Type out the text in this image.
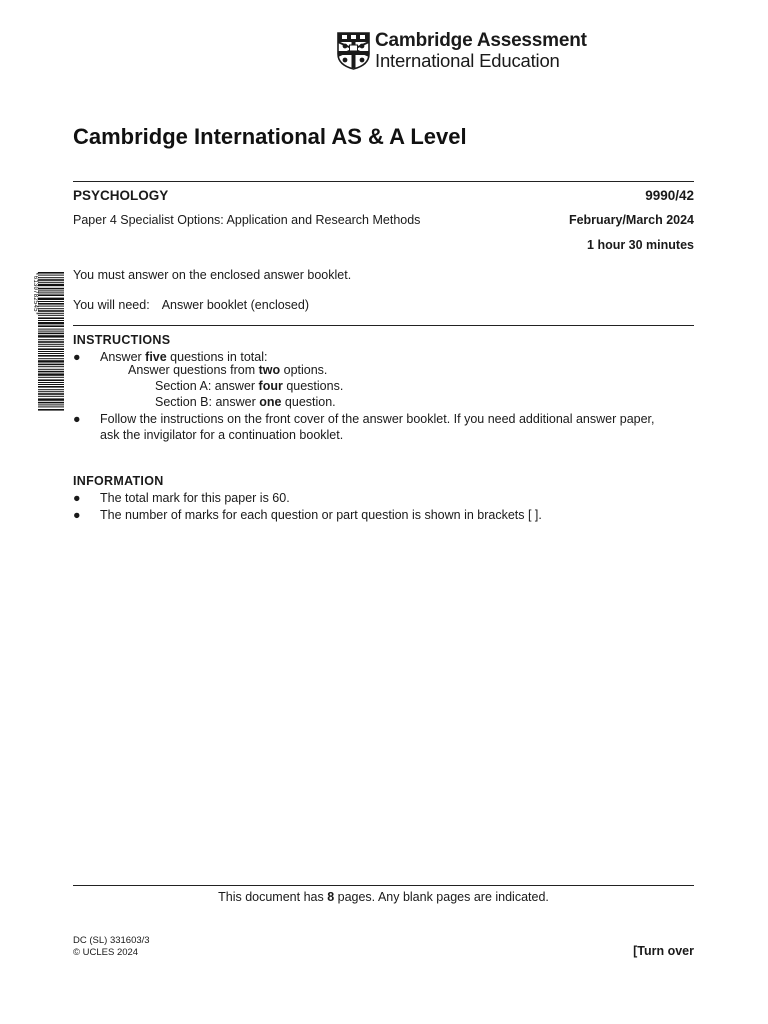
Cambridge Assessment
International Education
Cambridge International AS & A Level
PSYCHOLOGY	9990/42
Paper 4 Specialist Options: Application and Research Methods	February/March 2024
1 hour 30 minutes
*6130782545*	You must answer on the enclosed answer booklet.
You will need: Answer booklet (enclosed)
INSTRUCTIONS
● Answer five questions in total:
Answer questions from two options.
Section A: answer four questions.
Section B: answer one question.
● Follow the instructions on the front cover of the answer booklet. If you need additional answer paper,
ask the invigilator for a continuation booklet.
INFORMATION
● The total mark for this paper is 60.
● The number of marks for each question or part question is shown in brackets [ ].
This document has 8 pages. Any blank pages are indicated.
DC (SL) 331603/3
© UCLES 2024	[Turn over
